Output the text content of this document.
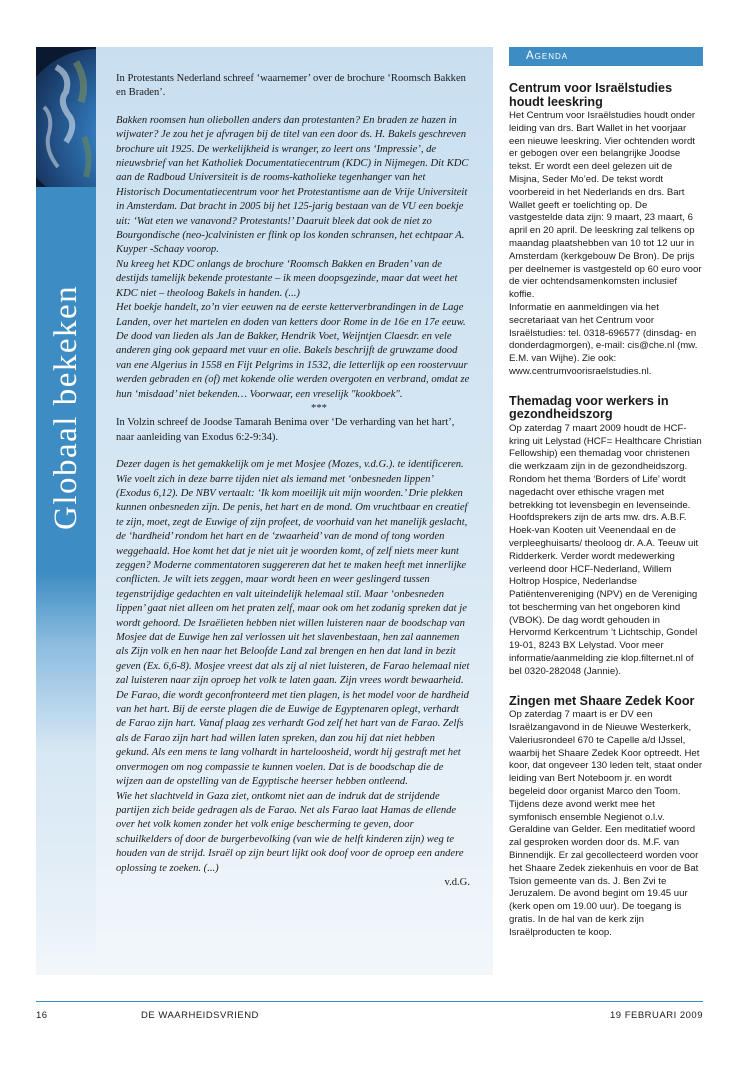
Globaal bekeken

In Protestants Nederland schreef ‘waarnemer’ over de brochure ‘Roomsch Bakken en Braden’.

Bakken roomsen hun oliebollen anders dan protestanten? En braden ze hazen in wijwater? Je zou het je afvragen bij de titel van een door ds. H. Bakels geschreven brochure uit 1925. De werkelijkheid is wranger, zo leert ons ‘Impressie’, de nieuwsbrief van het Katholiek Documentatiecentrum (KDC) in Nijmegen. Dit KDC aan de Radboud Universiteit is de rooms-katholieke tegenhanger van het Historisch Documentatiecentrum voor het Protestantisme aan de Vrije Universiteit in Amsterdam. Dat bracht in 2005 bij het 125-jarig bestaan van de VU een boekje uit: ‘Wat eten we vanavond? Protestants!’ Daaruit bleek dat ook de niet zo Bourgondische (neo-)calvinisten er flink op los konden schransen, het echtpaar A. Kuyper -Schaay voorop.

Nu kreeg het KDC onlangs de brochure ‘Roomsch Bakken en Braden’ van de destijds tamelijk bekende protestante – ik meen doopsgezinde, maar dat weet het KDC niet – theoloog Bakels in handen. (...)

Het boekje handelt, zo’n vier eeuwen na de eerste ketterverbrandingen in de Lage Landen, over het martelen en doden van ketters door Rome in de 16e en 17e eeuw. De dood van lieden als Jan de Bakker, Hendrik Voet, Weijntjen Claesdr. en vele anderen ging ook gepaard met vuur en olie. Bakels beschrijft de gruwzame dood van ene Algerius in 1558 en Fijt Pelgrims in 1532, die letterlijk op een roostervuur werden gebraden en (of) met kokende olie werden overgoten en verbrand, omdat ze hun ‘misdaad’ niet bekenden… Voorwaar, een vreselijk "kookboek".

***

In Volzin schreef de Joodse Tamarah Benima over ‘De verharding van het hart’, naar aanleiding van Exodus 6:2-9:34).

Dezer dagen is het gemakkelijk om je met Mosjee (Mozes, v.d.G.). te identificeren. Wie voelt zich in deze barre tijden niet als iemand met ‘onbesneden lippen’ (Exodus 6,12). De NBV vertaalt: ‘Ik kom moeilijk uit mijn woorden.’ Drie plekken kunnen onbesneden zijn. De penis, het hart en de mond. Om vruchtbaar en creatief te zijn, moet, zegt de Euwige of zijn profeet, de voorhuid van het manelijk geslacht, de ‘hardheid’ rondom het hart en de ‘zwaarheid’ van de mond of tong worden weggehaald. Hoe komt het dat je niet uit je woorden komt, of zelf niets meer kunt zeggen? Moderne commentatoren suggereren dat het te maken heeft met innerlijke conflicten. Je wilt iets zeggen, maar wordt heen en weer geslingerd tussen tegenstrijdige gedachten en valt uiteindelijk helemaal stil. Maar ‘onbesneden lippen’ gaat niet alleen om het praten zelf, maar ook om het zodanig spreken dat je wordt gehoord. De Israëlieten hebben niet willen luisteren naar de boodschap van Mosjee dat de Euwige hen zal verlossen uit het slavenbestaan, hen zal aannemen als Zijn volk en hen naar het Beloofde Land zal brengen en hen dat land in bezit geven (Ex. 6,6-8). Mosjee vreest dat als zij al niet luisteren, de Farao helemaal niet zal luisteren naar zijn oproep het volk te laten gaan. Zijn vrees wordt bewaarheid. De Farao, die wordt geconfronteerd met tien plagen, is het model voor de hardheid van het hart. Bij de eerste plagen die de Euwige de Egyptenaren oplegt, verhardt de Farao zijn hart. Vanaf plaag zes verhardt God zelf het hart van de Farao. Zelfs als de Farao zijn hart had willen laten spreken, dan zou hij dat niet hebben gekund. Als een mens te lang volhardt in harteloosheid, wordt hij gestraft met het onvermogen om nog compassie te kunnen voelen. Dat is de boodschap die de wijzen aan de opstelling van de Egyptische heerser hebben ontleend.

Wie het slachtveld in Gaza ziet, ontkomt niet aan de indruk dat de strijdende partijen zich beide gedragen als de Farao. Net als Farao laat Hamas de ellende over het volk komen zonder het volk enige bescherming te geven, door schuilkelders of door de burgerbevolking (van wie de helft kinderen zijn) weg te houden van de strijd. Israël op zijn beurt lijkt ook doof voor de oproep een andere oplossing te zoeken. (...)

v.d.G.

Agenda

Centrum voor Israëlstudies houdt leeskring

Het Centrum voor Israëlstudies houdt onder leiding van drs. Bart Wallet in het voorjaar een nieuwe leeskring. Vier ochtenden wordt er gebogen over een belangrijke Joodse tekst. Er wordt een deel gelezen uit de Misjna, Seder Mo’ed. De tekst wordt voorbereid in het Nederlands en drs. Bart Wallet geeft er toelichting op. De vastgestelde data zijn: 9 maart, 23 maart, 6 april en 20 april. De leeskring zal telkens op maandag plaatshebben van 10 tot 12 uur in Amsterdam (kerkgebouw De Bron). De prijs per deelnemer is vastgesteld op 60 euro voor de vier ochtendsamenkomsten inclusief koffie.

Informatie en aanmeldingen via het secretariaat van het Centrum voor Israëlstudies: tel. 0318-696577 (dinsdag- en donderdagmorgen), e-mail: cis@che.nl (mw. E.M. van Wijhe). Zie ook: www.centrumvoorisraelstudies.nl.

Themadag voor werkers in gezondheidszorg

Op zaterdag 7 maart 2009 houdt de HCF-kring uit Lelystad (HCF= Healthcare Christian Fellowship) een themadag voor christenen die werkzaam zijn in de gezondheidszorg. Rondom het thema ‘Borders of Life’ wordt nagedacht over ethische vragen met betrekking tot levensbegin en levenseinde. Hoofdsprekers zijn de arts mw. drs. A.B.F. Hoek-van Kooten uit Veenendaal en de verpleeghuisarts/ theoloog dr. A.A. Teeuw uit Ridderkerk. Verder wordt medewerking verleend door HCF-Nederland, Willem Holtrop Hospice, Nederlandse Patiëntenvereniging (NPV) en de Vereniging tot bescherming van het ongeboren kind (VBOK). De dag wordt gehouden in Hervormd Kerkcentrum ’t Lichtschip, Gondel 19-01, 8243 BX Lelystad. Voor meer informatie/aanmelding zie klop.filternet.nl of bel 0320-282048 (Jannie).

Zingen met Shaare Zedek Koor

Op zaterdag 7 maart is er DV een Israëlzangavond in de Nieuwe Westerkerk, Valeriusrondeel 670 te Capelle a/d IJssel, waarbij het Shaare Zedek Koor optreedt. Het koor, dat ongeveer 130 leden telt, staat onder leiding van Bert Noteboom jr. en wordt begeleid door organist Marco den Toom. Tijdens deze avond werkt mee het symfonisch ensemble Negienot o.l.v. Geraldine van Gelder. Een meditatief woord zal gesproken worden door ds. M.F. van Binnendijk. Er zal gecollecteerd worden voor het Shaare Zedek ziekenhuis en voor de Bat Tsion gemeente van ds. J. Ben Zvi te Jeruzalem. De avond begint om 19.45 uur (kerk open om 19.00 uur). De toegang is gratis. In de hal van de kerk zijn Israëlproducten te koop.

16	DE WAARHEIDSVRIEND	19 FEBRUARI 2009
